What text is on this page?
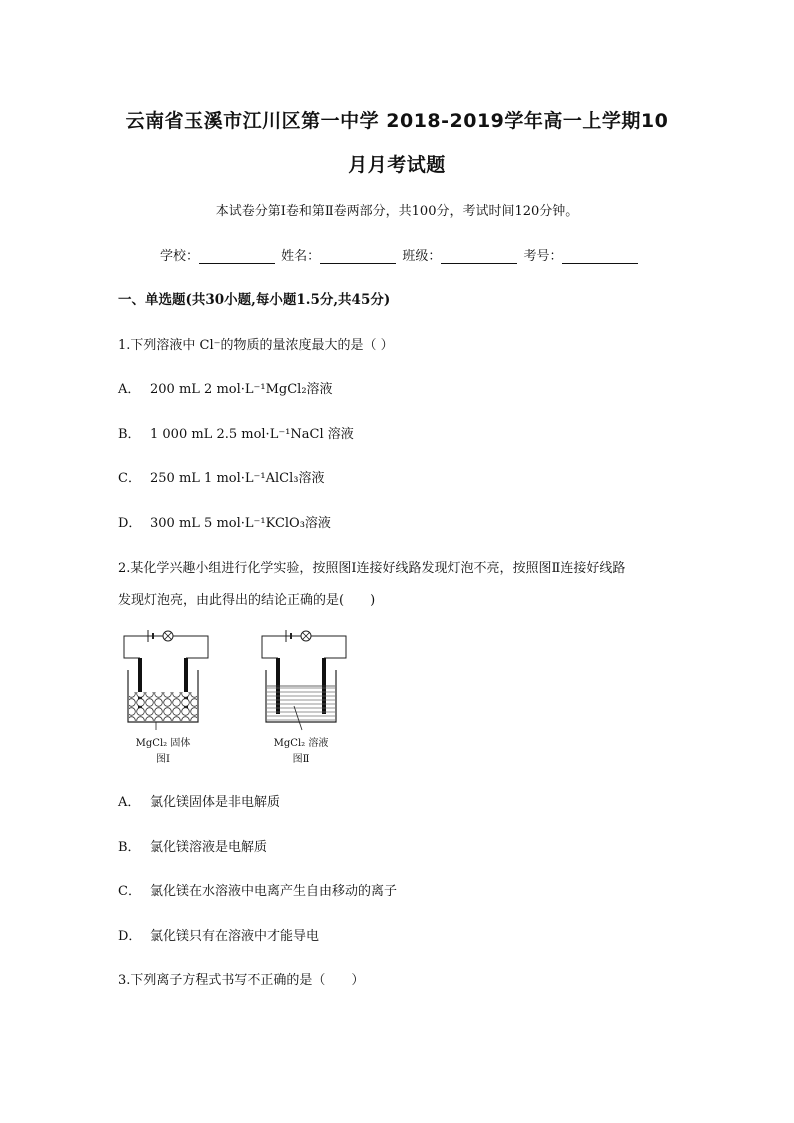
云南省玉溪市江川区第一中学 2018-2019学年高一上学期10
月月考试题
本试卷分第Ⅰ卷和第Ⅱ卷两部分，共100分，考试时间120分钟。
学校：	姓名：	班级：	考号：
一、单选题(共30小题,每小题1.5分,共45分)
1.下列溶液中 Cl⁻的物质的量浓度最大的是（ ）
A． 200 mL 2 mol·L⁻¹MgCl₂溶液
B． 1 000 mL 2.5 mol·L⁻¹NaCl 溶液
C． 250 mL 1 mol·L⁻¹AlCl₃溶液
D． 300 mL 5 mol·L⁻¹KClO₃溶液
2.某化学兴趣小组进行化学实验，按照图Ⅰ连接好线路发现灯泡不亮，按照图Ⅱ连接好线路
发现灯泡亮，由此得出的结论正确的是(　　)
MgCl₂ 固体
图Ⅰ
MgCl₂ 溶液
图Ⅱ
A． 氯化镁固体是非电解质
B． 氯化镁溶液是电解质
C． 氯化镁在水溶液中电离产生自由移动的离子
D． 氯化镁只有在溶液中才能导电
3.下列离子方程式书写不正确的是（　　）
